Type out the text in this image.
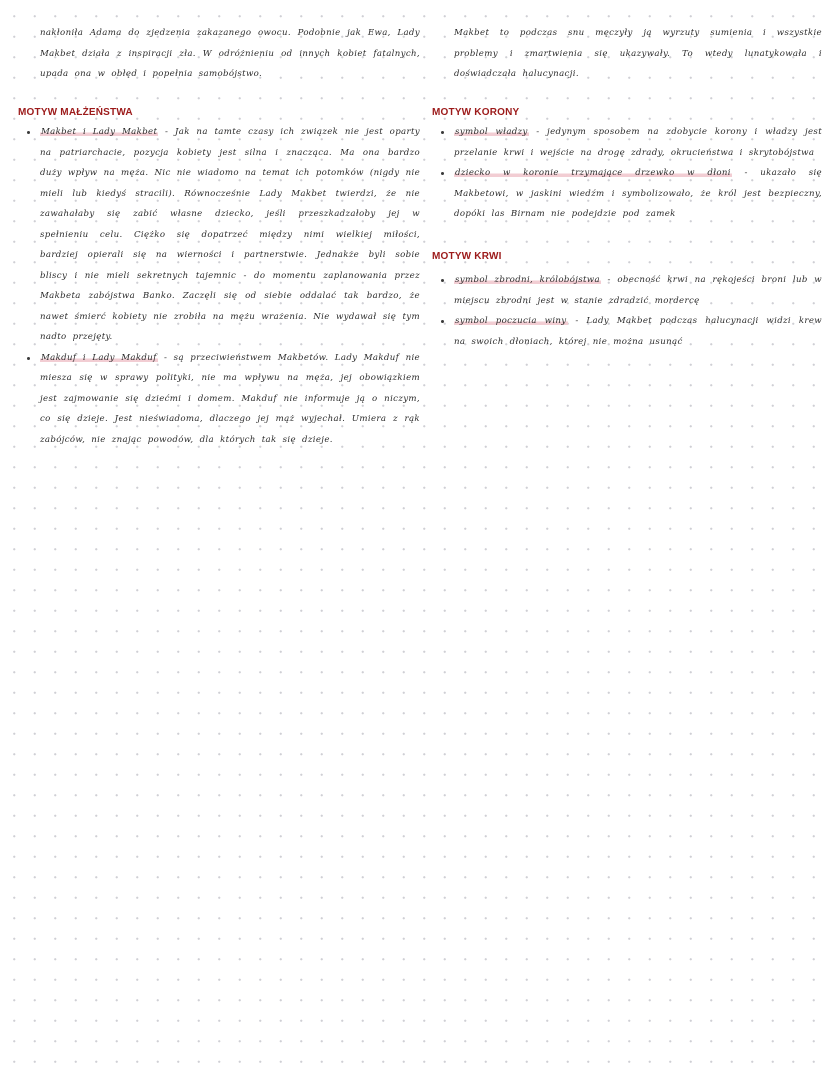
nakłoniła Adama do zjedzenia zakazanego owocu. Podobnie jak Ewa, Lady Makbet działa z inspiracji zła. W odróżnieniu od innych kobiet fatalnych, upada ona w obłęd i popełnia samobójstwo.

MOTYW MAŁŻEŃSTWA
Makbet i Lady Makbet - Jak na tamte czasy ich związek nie jest oparty na patriarchacie, pozycja kobiety jest silna i znacząca. Ma ona bardzo duży wpływ na męża. Nic nie wiadomo na temat ich potomków (nigdy nie mieli lub kiedyś stracili). Równocześnie Lady Makbet twierdzi, że nie zawahałaby się zabić własne dziecko, jeśli przeszkadzałoby jej w spełnieniu celu. Ciężko się dopatrzeć między nimi wielkiej miłości, bardziej opierali się na wierności i partnerstwie. Jednakże byli sobie bliscy i nie mieli sekretnych tajemnic - do momentu zaplanowania przez Makbeta zabójstwa Banko. Zaczęli się od siebie oddalać tak bardzo, że nawet śmierć kobiety nie zrobiła na mężu wrażenia. Nie wydawał się tym nadto przejęty.
Makduf i Lady Makduf - są przeciwieństwem Makbetów. Lady Makduf nie miesza się w sprawy polityki, nie ma wpływu na męża, jej obowiązkiem jest zajmowanie się dziećmi i domem. Makduf nie informuje ją o niczym, co się dzieje. Jest nieświadoma, dlaczego jej mąż wyjechał. Umiera z rąk zabójców, nie znając powodów, dla których tak się dzieje.

Makbet to podczas snu męczyły ją wyrzuty sumienia i wszystkie problemy i zmartwienia się ukazywały. To wtedy lunatykowała i doświadczała halucynacji.

MOTYW KORONY
symbol władzy - jedynym sposobem na zdobycie korony i władzy jest przelanie krwi i wejście na drogę zdrady, okrucieństwa i skrytobójstwa
dziecko w koronie trzymające drzewko w dłoni - ukazało się Makbetowi, w jaskini wiedźm i symbolizowało, że król jest bezpieczny, dopóki las Birnam nie podejdzie pod zamek
MOTYW KRWI
symbol zbrodni, królobójstwa - obecność krwi na rękojeści broni lub w miejscu zbrodni jest w stanie zdradzić mordercę
symbol poczucia winy - Lady Makbet podczas halucynacji widzi krew na swoich dłoniach, której nie można usunąć
